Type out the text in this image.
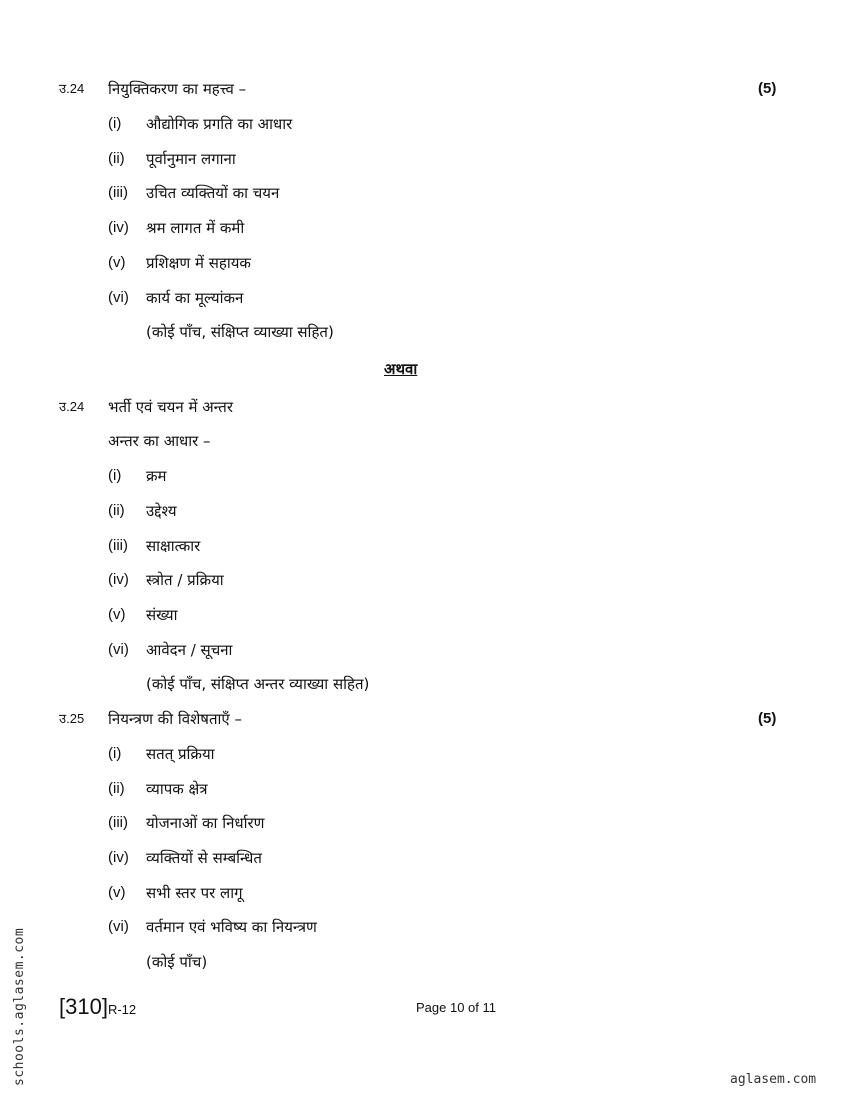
उ.24 नियुक्तिकरण का महत्त्व –	(5)
(i) औद्योगिक प्रगति का आधार
(ii) पूर्वानुमान लगाना
(iii) उचित व्यक्तियों का चयन
(iv) श्रम लागत में कमी
(v) प्रशिक्षण में सहायक
(vi) कार्य का मूल्यांकन
(कोई पाँच, संक्षिप्त व्याख्या सहित)
अथवा
उ.24 भर्ती एवं चयन में अन्तर
अन्तर का आधार –
(i) क्रम
(ii) उद्देश्य
(iii) साक्षात्कार
(iv) स्त्रोत / प्रक्रिया
(v) संख्या
(vi) आवेदन / सूचना
(कोई पाँच, संक्षिप्त अन्तर व्याख्या सहित)
उ.25 नियन्त्रण की विशेषताएँ –	(5)
(i) सतत् प्रक्रिया
(ii) व्यापक क्षेत्र
(iii) योजनाओं का निर्धारण
(iv) व्यक्तियों से सम्बन्धित
(v) सभी स्तर पर लागू
(vi) वर्तमान एवं भविष्य का नियन्त्रण
(कोई पाँच)
[310]R-12	Page 10 of 11
schools.aglasem.com	aglasem.com
